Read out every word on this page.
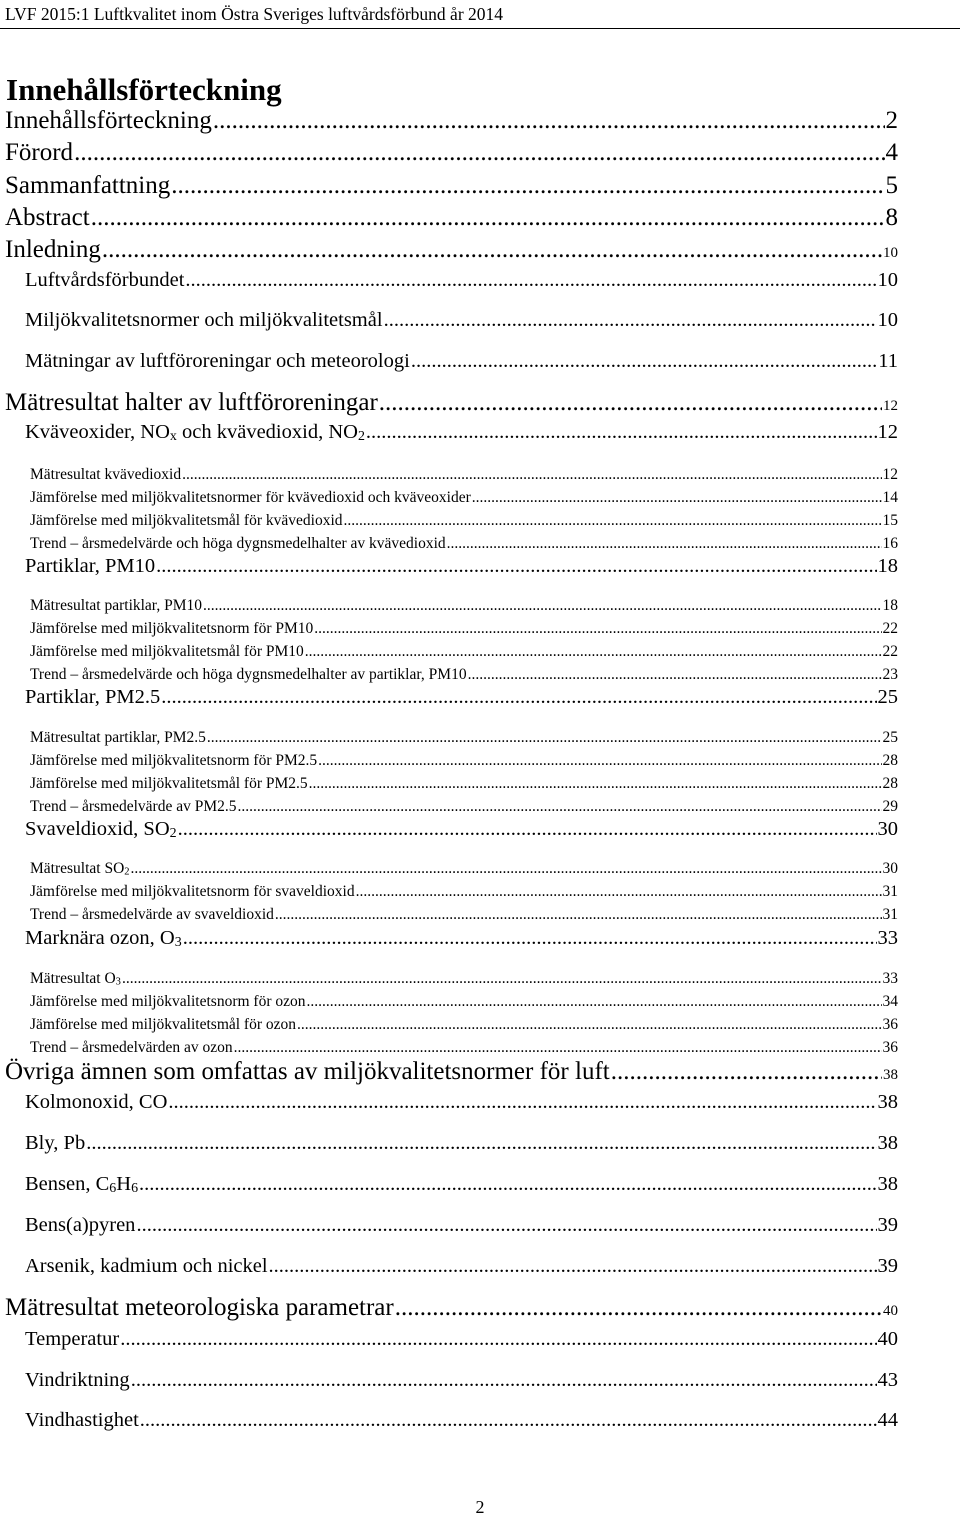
LVF 2015:1 Luftkvalitet inom Östra Sveriges luftvårdsförbund år 2014
Innehållsförteckning
Innehållsförteckning .....	2
Förord .....	4
Sammanfattning .....	5
Abstract .....	8
Inledning .....	10
Luftvårdsförbundet .....	10
Miljökvalitetsnormer och miljökvalitetsmål .....	10
Mätningar av luftföroreningar och meteorologi .....	11
Mätresultat halter av luftföroreningar .....	12
Kväveoxider, $NO_x$ och kvävedioxid, $NO_2$ .....	12
Mätresultat kvävedioxid .....	12
Jämförelse med miljökvalitetsnormer för kvävedioxid och kväveoxider .....	14
Jämförelse med miljökvalitetsmål för kvävedioxid .....	15
Trend – årsmedelvärde och höga dygnsmedelhalter av kvävedioxid .....	16
Partiklar, PM10 .....	18
Mätresultat partiklar, PM10 .....	18
Jämförelse med miljökvalitetsnorm för PM10 .....	22
Jämförelse med miljökvalitetsmål för PM10 .....	22
Trend – årsmedelvärde och höga dygnsmedelhalter av partiklar, PM10 .....	23
Partiklar, PM2.5 .....	25
Mätresultat partiklar, PM2.5 .....	25
Jämförelse med miljökvalitetsnorm för PM2.5 .....	28
Jämförelse med miljökvalitetsmål för PM2.5 .....	28
Trend – årsmedelvärde av PM2.5 .....	29
Svaveldioxid, $SO_2$ .....	30
Mätresultat $SO_2$ .....	30
Jämförelse med miljökvalitetsnorm för svaveldioxid .....	31
Trend – årsmedelvärde av svaveldioxid .....	31
Marknära ozon, $O_3$ .....	33
Mätresultat $O_3$ .....	33
Jämförelse med miljökvalitetsnorm för ozon .....	34
Jämförelse med miljökvalitetsmål för ozon .....	36
Trend – årsmedelvärden av ozon .....	36
Övriga ämnen som omfattas av miljökvalitetsnormer för luft .....	38
Kolmonoxid, CO .....	38
Bly, Pb .....	38
Bensen, $C_6H_6$ .....	38
Bens(a)pyren .....	39
Arsenik, kadmium och nickel .....	39
Mätresultat meteorologiska parametrar .....	40
Temperatur .....	40
Vindriktning .....	43
Vindhastighet .....	44
2
